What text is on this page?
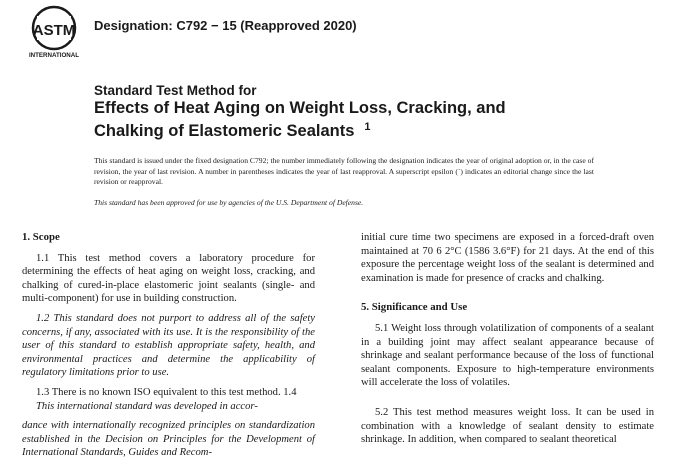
ASTM
INTERNATIONAL
Designation: C792 − 15 (Reapproved 2020)
Standard Test Method for
Effects of Heat Aging on Weight Loss, Cracking, and
Chalking of Elastomeric Sealants $^1$
This standard is issued under the fixed designation C792; the number immediately following the designation indicates the year of original adoption or, in the case of revision, the year of last revision. A number in parentheses indicates the year of last reapproval. A superscript epsilon (´) indicates an editorial change since the last revision or reapproval.
This standard has been approved for use by agencies of the U.S. Department of Defense.
1. Scope
1.1 This test method covers a laboratory procedure for determining the effects of heat aging on weight loss, cracking, and chalking of cured-in-place elastomeric joint sealants (single- and multi-component) for use in building construction.
1.2 This standard does not purport to address all of the safety concerns, if any, associated with its use. It is the responsibility of the user of this standard to establish appropriate safety, health, and environmental practices and determine the applicability of regulatory limitations prior to use.
1.3 There is no known ISO equivalent to this test method. 1.4
This international standard was developed in accor-
dance with internationally recognized principles on standardization established in the Decision on Principles for the Development of International Standards, Guides and Recom-
initial cure time two specimens are exposed in a forced-draft oven maintained at 70 6 2°C (1586 3.6°F) for 21 days. At the end of this exposure the percentage weight loss of the sealant is determined and examination is made for presence of cracks and chalking.
5. Significance and Use
5.1 Weight loss through volatilization of components of a sealant in a building joint may affect sealant appearance because of shrinkage and sealant performance because of the loss of functional sealant components. Exposure to high-temperature environments will accelerate the loss of volatiles.
5.2 This test method measures weight loss. It can be used in combination with a knowledge of sealant density to estimate shrinkage. In addition, when compared to sealant theoretical
